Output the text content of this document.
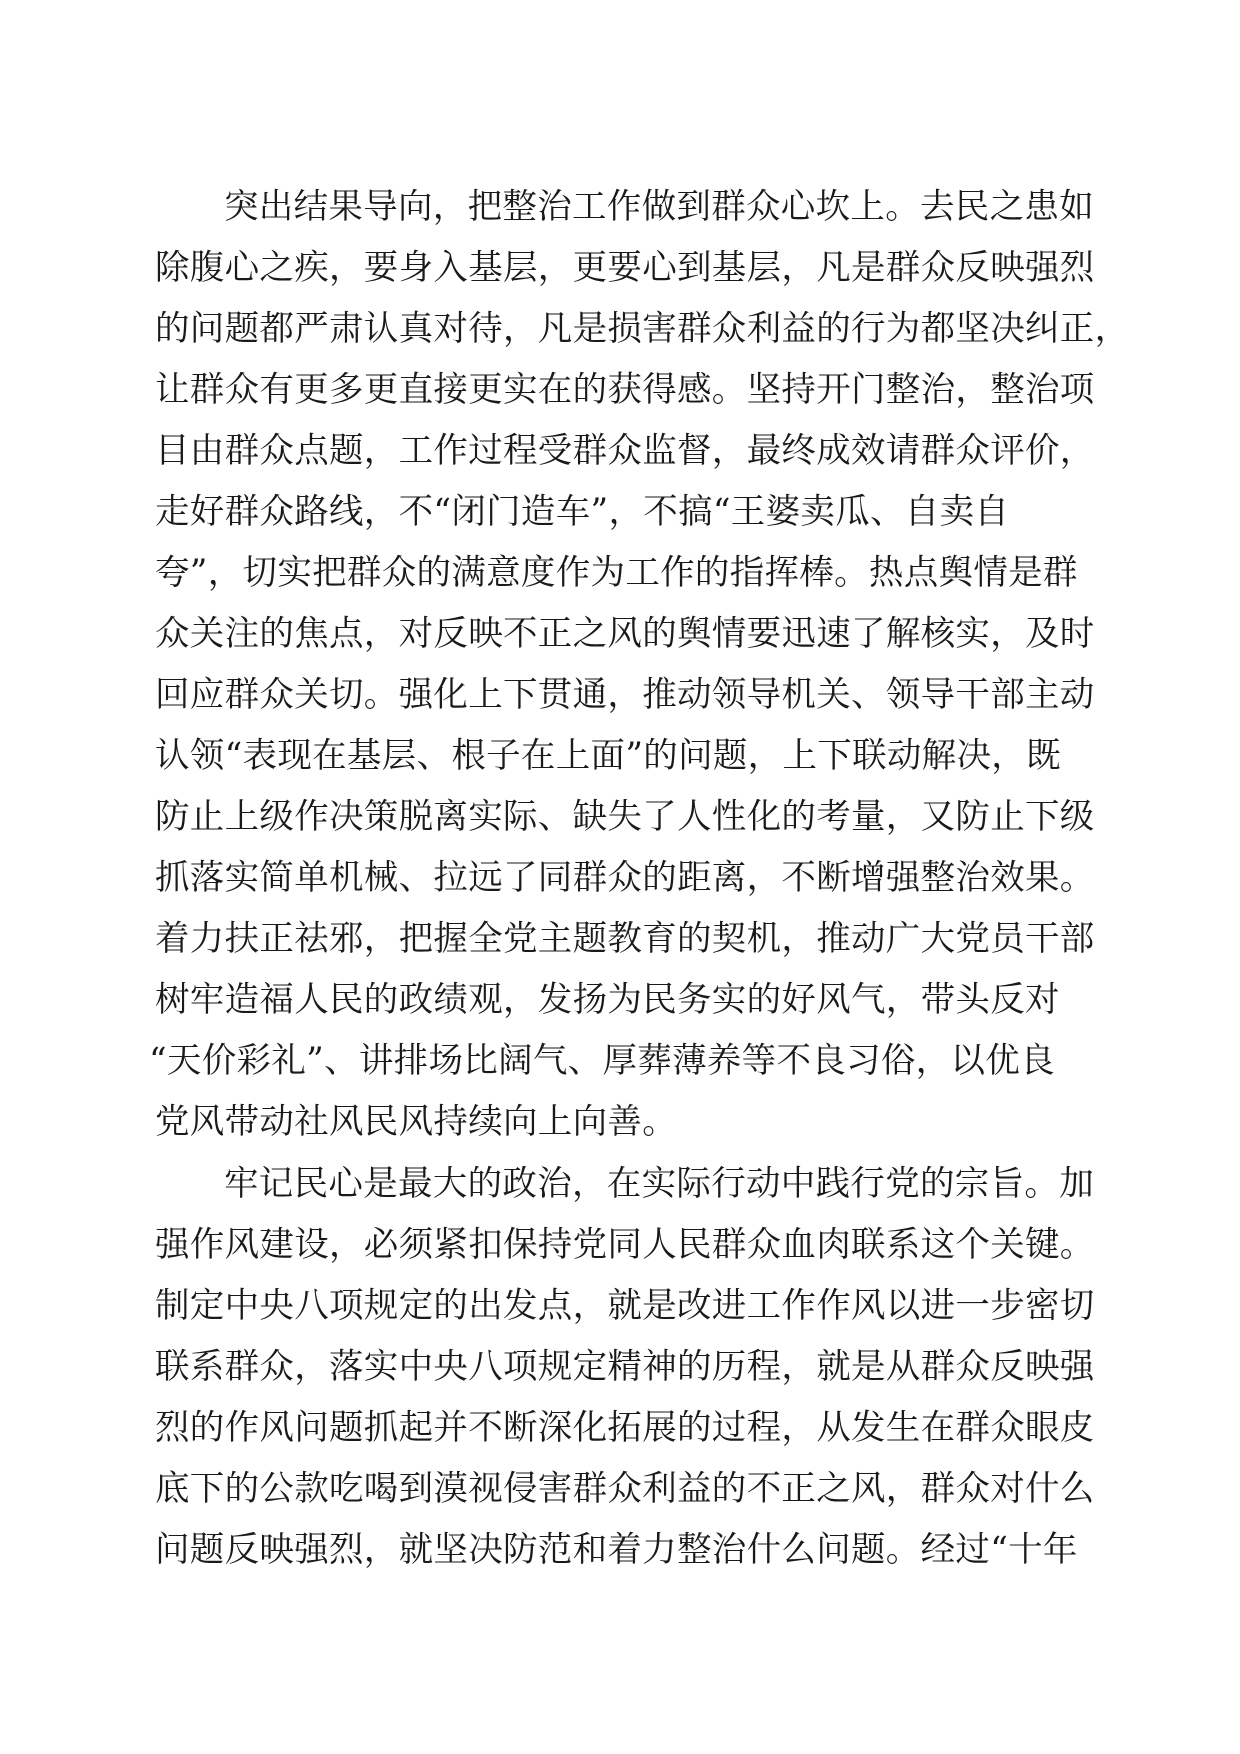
突出结果导向，把整治工作做到群众心坎上。去民之患如
除腹心之疾，要身入基层，更要心到基层，凡是群众反映强烈
的问题都严肃认真对待，凡是损害群众利益的行为都坚决纠正，
让群众有更多更直接更实在的获得感。坚持开门整治，整治项
目由群众点题，工作过程受群众监督，最终成效请群众评价，
走好群众路线，不“闭门造车”，不搞“王婆卖瓜、自卖自
夸”，切实把群众的满意度作为工作的指挥棒。热点舆情是群
众关注的焦点，对反映不正之风的舆情要迅速了解核实，及时
回应群众关切。强化上下贯通，推动领导机关、领导干部主动
认领“表现在基层、根子在上面”的问题，上下联动解决，既
防止上级作决策脱离实际、缺失了人性化的考量，又防止下级
抓落实简单机械、拉远了同群众的距离，不断增强整治效果。
着力扶正祛邪，把握全党主题教育的契机，推动广大党员干部
树牢造福人民的政绩观，发扬为民务实的好风气，带头反对
“天价彩礼”、讲排场比阔气、厚葬薄养等不良习俗，以优良
党风带动社风民风持续向上向善。
牢记民心是最大的政治，在实际行动中践行党的宗旨。加
强作风建设，必须紧扣保持党同人民群众血肉联系这个关键。
制定中央八项规定的出发点，就是改进工作作风以进一步密切
联系群众，落实中央八项规定精神的历程，就是从群众反映强
烈的作风问题抓起并不断深化拓展的过程，从发生在群众眼皮
底下的公款吃喝到漠视侵害群众利益的不正之风，群众对什么
问题反映强烈，就坚决防范和着力整治什么问题。经过“十年
